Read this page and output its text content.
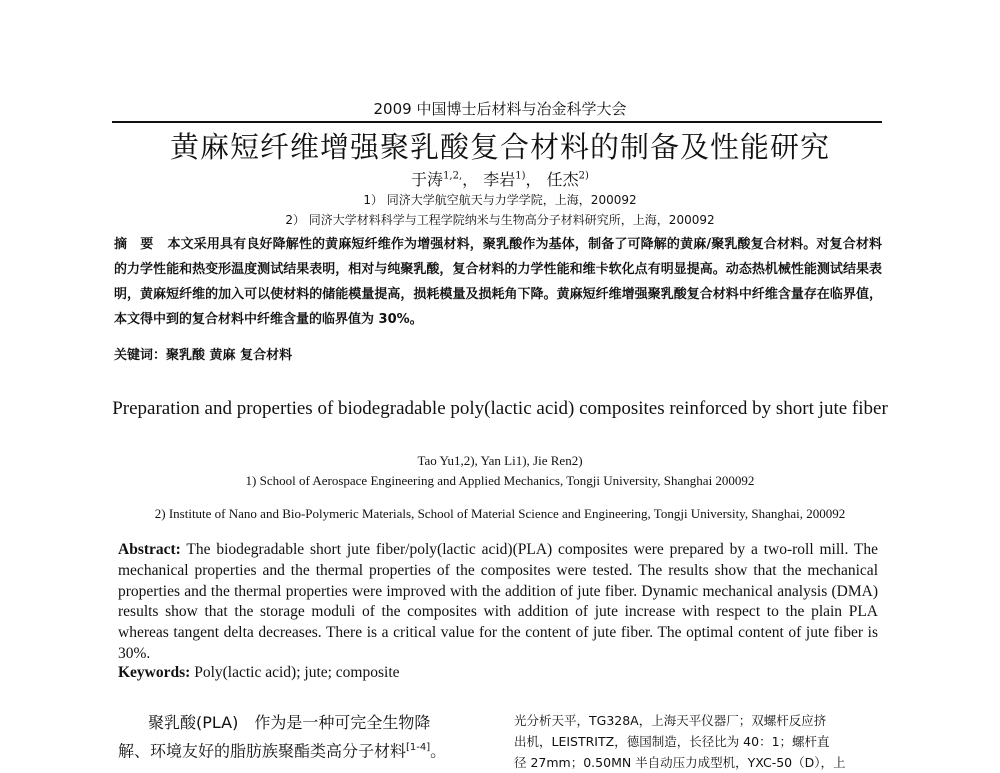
2009 中国博士后材料与冶金科学大会
黄麻短纤维增强聚乳酸复合材料的制备及性能研究
于涛$^{1,2,}$， 李岩$^{1)}$， 任杰$^{2)}$
1） 同济大学航空航天与力学学院，上海，200092
2） 同济大学材料科学与工程学院纳米与生物高分子材料研究所，上海，200092
摘　要 本文采用具有良好降解性的黄麻短纤维作为增强材料，聚乳酸作为基体，制备了可降解的黄麻/聚乳酸复合材料。对复合材料的力学性能和热变形温度测试结果表明，相对与纯聚乳酸，复合材料的力学性能和维卡软化点有明显提高。动态热机械性能测试结果表明，黄麻短纤维的加入可以使材料的储能模量提高，损耗模量及损耗角下降。黄麻短纤维增强聚乳酸复合材料中纤维含量存在临界值，本文得中到的复合材料中纤维含量的临界值为 30%。
关键词：聚乳酸 黄麻 复合材料
Preparation and properties of biodegradable poly(lactic acid) composites reinforced by short jute fiber
Tao Yu1,2), Yan Li1), Jie Ren2)
1) School of Aerospace Engineering and Applied Mechanics, Tongji University, Shanghai 200092
2) Institute of Nano and Bio-Polymeric Materials, School of Material Science and Engineering, Tongji University, Shanghai, 200092
Abstract: The biodegradable short jute fiber/poly(lactic acid)(PLA) composites were prepared by a two-roll mill. The mechanical properties and the thermal properties of the composites were tested. The results show that the mechanical properties and the thermal properties were improved with the addition of jute fiber. Dynamic mechanical analysis (DMA) results show that the storage moduli of the composites with addition of jute increase with respect to the plain PLA whereas tangent delta decreases. There is a critical value for the content of jute fiber. The optimal content of jute fiber is 30%.
Keywords: Poly(lactic acid); jute; composite
聚乳酸(PLA)　作为是一种可完全生物降
解、环境友好的脂肪族聚酯类高分子材料[1-4]。
光分析天平，TG328A，上海天平仪器厂；双螺杆反应挤
出机，LEISTRITZ，德国制造，长径比为 40：1；螺杆直
径 27mm；0.50MN 半自动压力成型机，YXC-50（D），上
